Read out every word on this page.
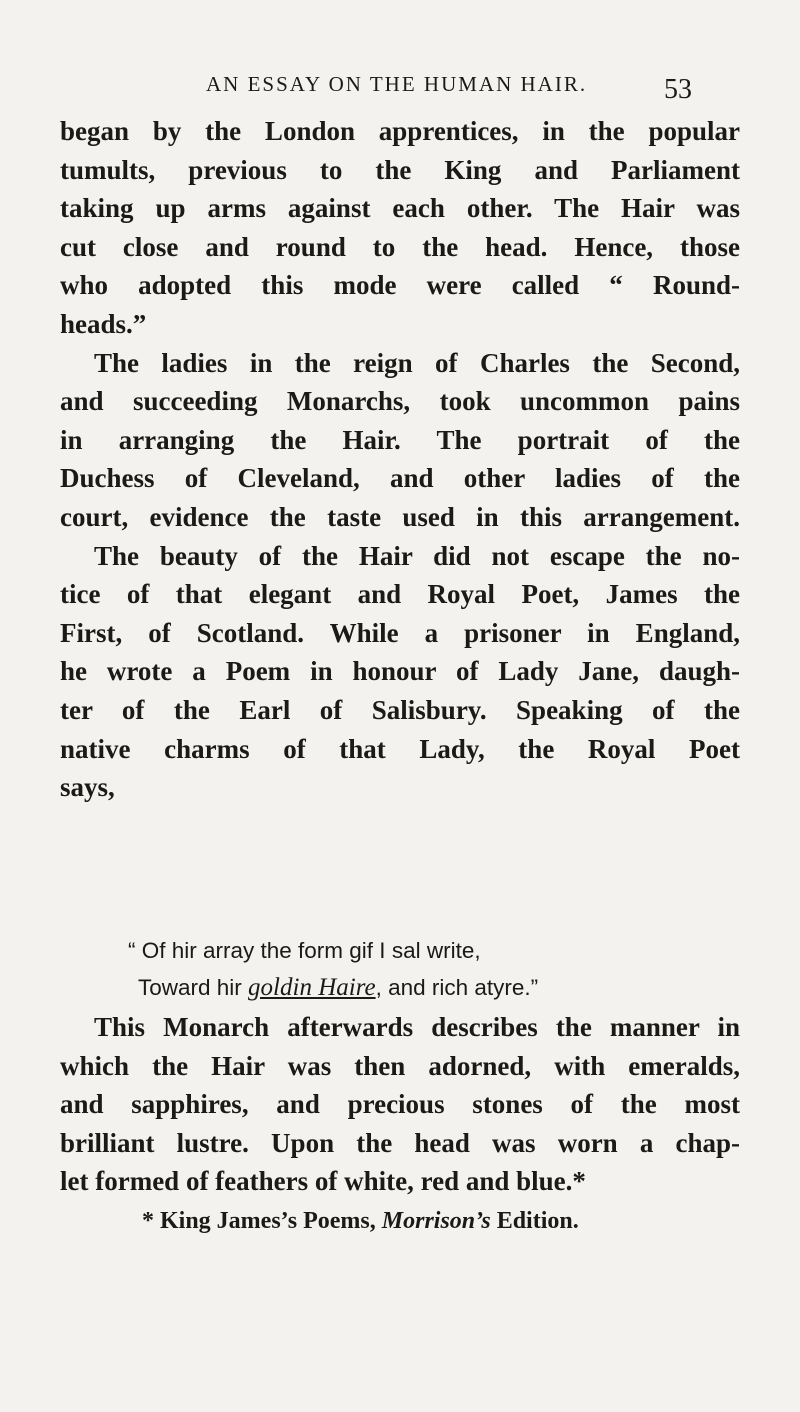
AN ESSAY ON THE HUMAN HAIR.	53
began by the London apprentices, in the popular
tumults, previous to the King and Parliament
taking up arms against each other. The Hair was
cut close and round to the head. Hence, those
who adopted this mode were called “ Round-
heads.”
The ladies in the reign of Charles the Second,
and succeeding Monarchs, took uncommon pains
in arranging the Hair. The portrait of the
Duchess of Cleveland, and other ladies of the
court, evidence the taste used in this arrangement.
The beauty of the Hair did not escape the no-
tice of that elegant and Royal Poet, James the
First, of Scotland. While a prisoner in England,
he wrote a Poem in honour of Lady Jane, daugh-
ter of the Earl of Salisbury. Speaking of the
native charms of that Lady, the Royal Poet
says,
“ Of hir array the form gif I sal write,
Toward hir goldin Haire, and rich atyre.”
This Monarch afterwards describes the manner in
which the Hair was then adorned, with emeralds,
and sapphires, and precious stones of the most
brilliant lustre. Upon the head was worn a chap-
let formed of feathers of white, red and blue.*
* King James’s Poems, Morrison’s Edition.
